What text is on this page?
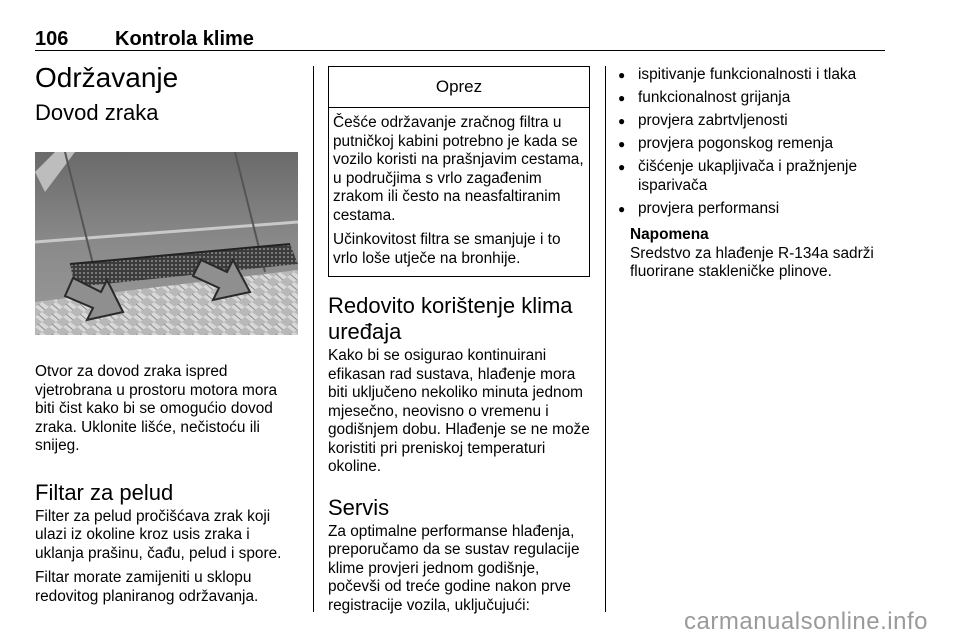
106 Kontrola klime
Održavanje
Dovod zraka

Otvor za dovod zraka ispred vjetrobrana u prostoru motora mora biti čist kako bi se omogućio dovod zraka. Uklonite lišće, nečistoću ili snijeg.

Filtar za pelud

Filter za pelud pročišćava zrak koji ulazi iz okoline kroz usis zraka i uklanja prašinu, čađu, pelud i spore.

Filtar morate zamijeniti u sklopu redovitog planiranog održavanja.

Oprez

Češće održavanje zračnog filtra u putničkoj kabini potrebno je kada se vozilo koristi na prašnjavim cestama, u područjima s vrlo zagađenim zrakom ili često na neasfaltiranim cestama.

Učinkovitost filtra se smanjuje i to vrlo loše utječe na bronhije.

Redovito korištenje klima uređaja

Kako bi se osigurao kontinuirani efikasan rad sustava, hlađenje mora biti uključeno nekoliko minuta jednom mjesečno, neovisno o vremenu i godišnjem dobu. Hlađenje se ne može koristiti pri preniskoj temperaturi okoline.

Servis

Za optimalne performanse hlađenja, preporučamo da se sustav regulacije klime provjeri jednom godišnje, počevši od treće godine nakon prve registracije vozila, uključujući:

● ispitivanje funkcionalnosti i tlaka
● funkcionalnost grijanja
● provjera zabrtvljenosti
● provjera pogonskog remenja
● čišćenje ukapljivača i pražnjenje isparivača
● provjera performansi

Napomena

Sredstvo za hlađenje R-134a sadrži fluorirane stakleničke plinove.

carmanualsonline.info
